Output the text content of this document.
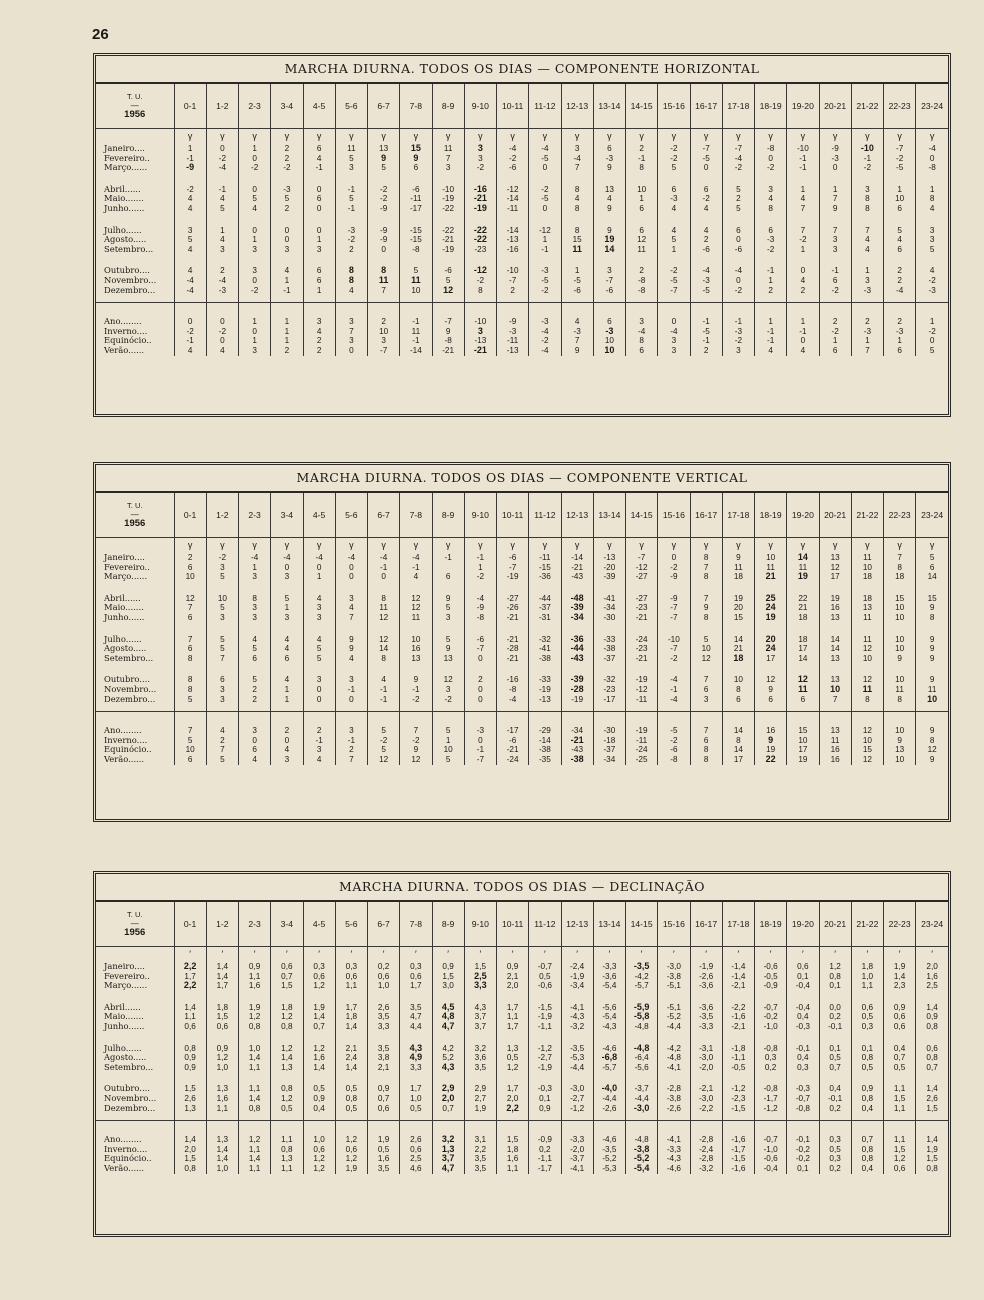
26
MARCHA DIURNA. TODOS OS DIAS — COMPONENTE HORIZONTAL
T. U.
—
1956	0-1	1-2	2-3	3-4	4-5	5-6	6-7	7-8	8-9	9-10	10-11	11-12	12-13	13-14	14-15	15-16	16-17	17-18	18-19	19-20	20-21	21-22	22-23	23-24
	γ	γ	γ	γ	γ	γ	γ	γ	γ	γ	γ	γ	γ	γ	γ	γ	γ	γ	γ	γ	γ	γ	γ	γ
Janeiro....	1	0	1	2	6	11	13	15	11	3	-4	-4	3	6	2	-2	-7	-7	-8	-10	-9	-10	-7	-4
Fevereiro..	-1	-2	0	2	4	5	9	9	7	3	-2	-5	-4	-3	-1	-2	-5	-4	0	-1	-3	-1	-2	0
Março......	-9	-4	-2	-2	-1	3	5	6	3	-2	-6	0	7	9	8	5	0	-2	-2	-1	0	-2	-5	-8

Abril......	-2	-1	0	-3	0	-1	-2	-6	-10	-16	-12	-2	8	13	10	6	6	5	3	1	1	3	1	1
Maio.......	4	4	5	5	6	5	-2	-11	-19	-21	-14	-5	4	4	1	-3	-2	2	4	4	7	8	10	8
Junho......	4	5	4	2	0	-1	-9	-17	-22	-19	-11	0	8	9	6	4	4	5	8	7	9	8	6	4

Julho......	3	1	0	0	0	-3	-9	-15	-22	-22	-14	-12	8	9	6	4	4	6	6	7	7	7	5	3
Agosto.....	5	4	1	0	1	-2	-9	-15	-21	-22	-13	1	15	19	12	5	2	0	-3	-2	3	4	4	3
Setembro...	4	3	3	3	3	2	0	-8	-19	-23	-16	-1	11	14	11	1	-6	-6	-2	1	3	4	6	5

Outubro....	4	2	3	4	6	8	8	5	-6	-12	-10	-3	1	3	2	-2	-4	-4	-1	0	-1	1	2	4
Novembro...	-4	-4	0	1	6	8	11	11	5	-2	-7	-5	-5	-7	-8	-5	-3	0	1	4	6	3	2	-2
Dezembro...	-4	-3	-2	-1	1	4	7	10	12	8	2	-2	-6	-6	-8	-7	-5	-2	2	2	-2	-3	-4	-3

Ano........	0	0	1	1	3	3	2	-1	-7	-10	-9	-3	4	6	3	0	-1	-1	1	1	2	2	2	1
Inverno....	-2	-2	0	1	4	7	10	11	9	3	-3	-4	-3	-3	-4	-4	-5	-3	-1	-1	-2	-3	-3	-2
Equinócio..	-1	0	1	1	2	3	3	-1	-8	-13	-11	-2	7	10	8	3	-1	-2	-1	0	1	1	1	0
Verão......	4	4	3	2	2	0	-7	-14	-21	-21	-13	-4	9	10	6	3	2	3	4	4	6	7	6	5
MARCHA DIURNA. TODOS OS DIAS — COMPONENTE VERTICAL
T. U.
—
1956	0-1	1-2	2-3	3-4	4-5	5-6	6-7	7-8	8-9	9-10	10-11	11-12	12-13	13-14	14-15	15-16	16-17	17-18	18-19	19-20	20-21	21-22	22-23	23-24
	γ	γ	γ	γ	γ	γ	γ	γ	γ	γ	γ	γ	γ	γ	γ	γ	γ	γ	γ	γ	γ	γ	γ	γ
Janeiro....	2	-2	-4	-4	-4	-4	-4	-4	-1	-1	-6	-11	-14	-13	-7	0	8	9	10	14	13	11	7	5
Fevereiro..	6	3	1	0	0	0	-1	-1		1	-7	-15	-21	-20	-12	-2	7	11	11	11	12	10	8	6
Março......	10	5	3	3	1	0	0	4	6	-2	-19	-36	-43	-39	-27	-9	8	18	21	19	17	18	18	14

Abril......	12	10	8	5	4	3	8	12	9	-4	-27	-44	-48	-41	-27	-9	7	19	25	22	19	18	15	15
Maio.......	7	5	3	1	3	4	11	12	5	-9	-26	-37	-39	-34	-23	-7	9	20	24	21	16	13	10	9
Junho......	6	3	3	3	3	7	12	11	3	-8	-21	-31	-34	-30	-21	-7	8	15	19	18	13	11	10	8

Julho......	7	5	4	4	4	9	12	10	5	-6	-21	-32	-36	-33	-24	-10	5	14	20	18	14	11	10	9
Agosto.....	6	5	5	4	5	9	14	16	9	-7	-28	-41	-44	-38	-23	-7	10	21	24	17	14	12	10	9
Setembro...	8	7	6	6	5	4	8	13	13	0	-21	-38	-43	-37	-21	-2	12	18	17	14	13	10	9	9

Outubro....	8	6	5	4	3	3	4	9	12	2	-16	-33	-39	-32	-19	-4	7	10	12	12	13	12	10	9
Novembro...	8	3	2	1	0	-1	-1	-1	3	0	-8	-19	-28	-23	-12	-1	6	8	9	11	10	11	11	11
Dezembro...	5	3	2	1	0	0	-1	-2	-2	0	-4	-13	-19	-17	-11	-4	3	6	6	6	7	8	8	10

Ano........	7	4	3	2	2	3	5	7	5	-3	-17	-29	-34	-30	-19	-5	7	14	16	15	13	12	10	9
Inverno....	5	2	0	0	-1	-1	-2	-2	1	0	-6	-14	-21	-18	-11	-2	6	8	9	10	11	10	9	8
Equinócio..	10	7	6	4	3	2	5	9	10	-1	-21	-38	-43	-37	-24	-6	8	14	19	17	16	15	13	12
Verão......	6	5	4	3	4	7	12	12	5	-7	-24	-35	-38	-34	-25	-8	8	17	22	19	16	12	10	9
MARCHA DIURNA. TODOS OS DIAS — DECLINAÇÃO
T. U.
—
1956	0-1	1-2	2-3	3-4	4-5	5-6	6-7	7-8	8-9	9-10	10-11	11-12	12-13	13-14	14-15	15-16	16-17	17-18	18-19	19-20	20-21	21-22	22-23	23-24
	′	′	′	′	′	′	′	′	′	′	′	′	′	′	′	′	′	′	′	′	′	′	′	′
Janeiro....	2,2	1,4	0,9	0,6	0,3	0,3	0,2	0,3	0,9	1,5	0,9	-0,7	-2,4	-3,3	-3,5	-3,0	-1,9	-1,4	-0,6	0,6	1,2	1,8	1,9	2,0
Fevereiro..	1,7	1,4	1,1	0,7	0,6	0,6	0,6	0,6	1,5	2,5	2,1	0,5	-1,9	-3,6	-4,2	-3,8	-2,6	-1,4	-0,5	0,1	0,8	1,0	1,4	1,6
Março......	2,2	1,7	1,6	1,5	1,2	1,1	1,0	1,7	3,0	3,3	2,0	-0,6	-3,4	-5,4	-5,7	-5,1	-3,6	-2,1	-0,9	-0,4	0,1	1,1	2,3	2,5

Abril......	1,4	1,8	1,9	1,8	1,9	1,7	2,6	3,5	4,5	4,3	1,7	-1,5	-4,1	-5,6	-5,9	-5,1	-3,6	-2,2	-0,7	-0,4	0,0	0,6	0,9	1,4
Maio.......	1,1	1,5	1,2	1,2	1,4	1,8	3,5	4,7	4,8	3,7	1,1	-1,9	-4,3	-5,4	-5,8	-5,2	-3,5	-1,6	-0,2	0,4	0,2	0,5	0,6	0,9
Junho......	0,6	0,6	0,8	0,8	0,7	1,4	3,3	4,4	4,7	3,7	1,7	-1,1	-3,2	-4,3	-4,8	-4,4	-3,3	-2,1	-1,0	-0,3	-0,1	0,3	0,6	0,8

Julho......	0,8	0,9	1,0	1,2	1,2	2,1	3,5	4,3	4,2	3,2	1,3	-1,2	-3,5	-4,6	-4,8	-4,2	-3,1	-1,8	-0,8	-0,1	0,1	0,1	0,4	0,6
Agosto.....	0,9	1,2	1,4	1,4	1,6	2,4	3,8	4,9	5,2	3,6	0,5	-2,7	-5,3	-6,8	-6,4	-4,8	-3,0	-1,1	0,3	0,4	0,5	0,8	0,7	0,8
Setembro...	0,9	1,0	1,1	1,3	1,4	1,4	2,1	3,3	4,3	3,5	1,2	-1,9	-4,4	-5,7	-5,6	-4,1	-2,0	-0,5	0,2	0,3	0,7	0,5	0,5	0,7

Outubro....	1,5	1,3	1,1	0,8	0,5	0,5	0,9	1,7	2,9	2,9	1,7	-0,3	-3,0	-4,0	-3,7	-2,8	-2,1	-1,2	-0,8	-0,3	0,4	0,9	1,1	1,4
Novembro...	2,6	1,6	1,4	1,2	0,9	0,8	0,7	1,0	2,0	2,7	2,0	0,1	-2,7	-4,4	-4,4	-3,8	-3,0	-2,3	-1,7	-0,7	-0,1	0,8	1,5	2,6
Dezembro...	1,3	1,1	0,8	0,5	0,4	0,5	0,6	0,5	0,7	1,9	2,2	0,9	-1,2	-2,6	-3,0	-2,6	-2,2	-1,5	-1,2	-0,8	0,2	0,4	1,1	1,5

Ano........	1,4	1,3	1,2	1,1	1,0	1,2	1,9	2,6	3,2	3,1	1,5	-0,9	-3,3	-4,6	-4,8	-4,1	-2,8	-1,6	-0,7	-0,1	0,3	0,7	1,1	1,4
Inverno....	2,0	1,4	1,1	0,8	0,6	0,6	0,5	0,6	1,3	2,2	1,8	0,2	-2,0	-3,5	-3,8	-3,3	-2,4	-1,7	-1,0	-0,2	0,5	0,8	1,5	1,9
Equinócio..	1,5	1,4	1,4	1,3	1,2	1,2	1,6	2,5	3,7	3,5	1,6	-1,1	-3,7	-5,2	-5,2	-4,3	-2,8	-1,5	-0,6	-0,2	0,3	0,8	1,2	1,5
Verão......	0,8	1,0	1,1	1,1	1,2	1,9	3,5	4,6	4,7	3,5	1,1	-1,7	-4,1	-5,3	-5,4	-4,6	-3,2	-1,6	-0,4	0,1	0,2	0,4	0,6	0,8
